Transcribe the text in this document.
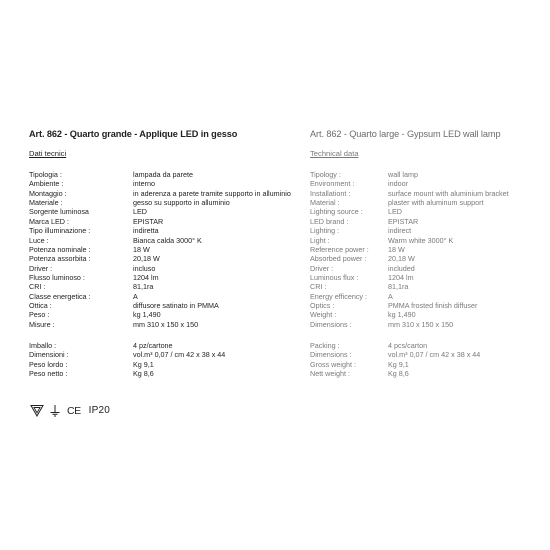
Art. 862 - Quarto grande - Applique LED in gesso
Dati tecnici
Tipologia :	lampada da parete
Ambiente :	interno
Montaggio :	in aderenza a parete tramite supporto in alluminio
Materiale :	gesso su supporto in alluminio
Sorgente luminosa	LED
Marca LED :	EPISTAR
Tipo illuminazione :	indiretta
Luce :	Bianca calda 3000° K
Potenza nominale :	18 W
Potenza assorbita :	20,18 W
Driver :	incluso
Flusso luminoso :	1204 lm
CRI :	81,1ra
Classe energetica :	A
Ottica :	diffusore satinato in PMMA
Peso :	kg 1,490
Misure :	mm 310 x 150 x 150
Imballo :	4 pz/cartone
Dimensioni :	vol.m³ 0,07 / cm 42 x 38 x 44
Peso lordo :	Kg 9,1
Peso netto :	Kg 8,6
Art. 862 - Quarto large - Gypsum LED wall lamp
Technical data
Tipology :	wall lamp
Environment :	indoor
Installationt :	surface mount with aluminium bracket
Material :	plaster with aluminum support
Lighting source :	LED
LED brand :	EPISTAR
Lighting :	indirect
Light :	Warm white 3000° K
Reference power :	18 W
Absorbed power :	20,18 W
Driver :	included
Luminous flux :	1204 lm
CRI :	81,1ra
Energy efficency :	A
Optics :	PMMA frosted finish diffuser
Weight :	kg 1,490
Dimensions :	mm 310 x 150 x 150
Packing :	4 pcs/carton
Dimensions :	vol.m³ 0,07 / cm 42 x 38 x 44
Gross weight :	Kg 9,1
Nett weight :	Kg 8,6
CE IP20
